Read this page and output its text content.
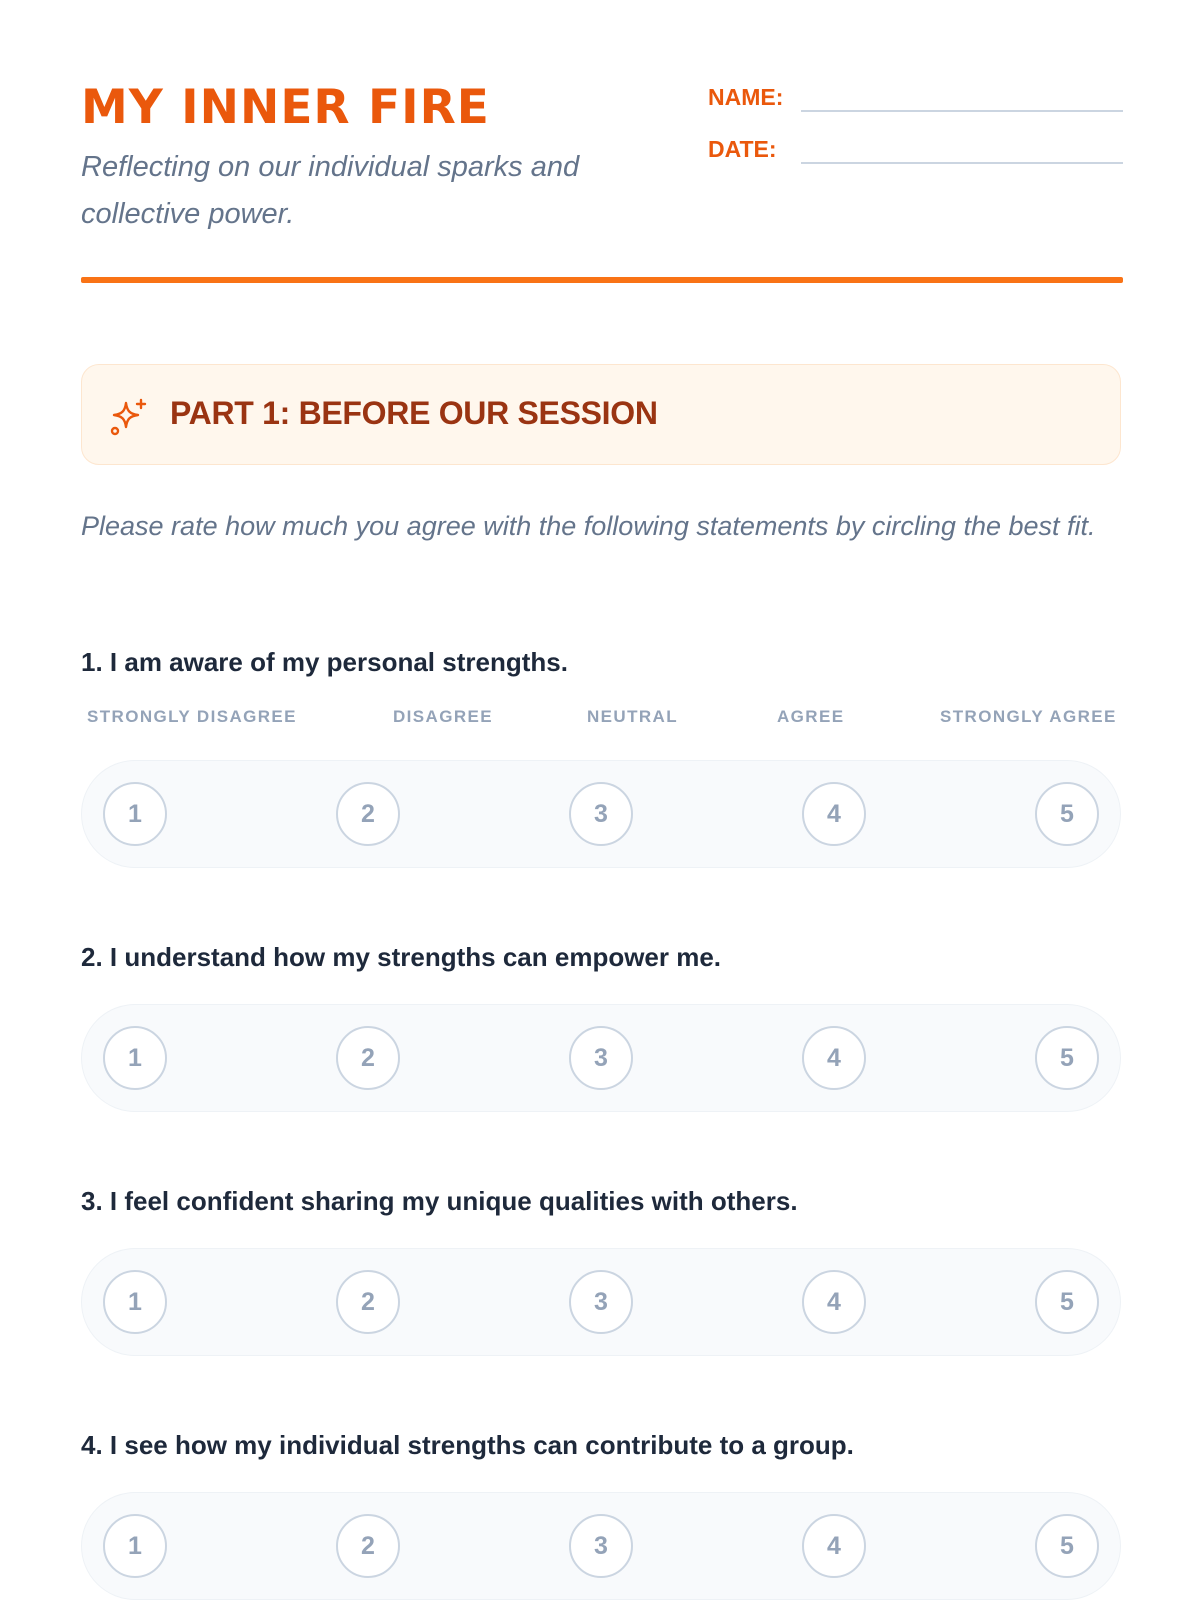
MY INNER FIRE
Reflecting on our individual sparks and collective power.
NAME:
DATE:
PART 1: BEFORE OUR SESSION
Please rate how much you agree with the following statements by circling the best fit.
1. I am aware of my personal strengths.
STRONGLY DISAGREE	DISAGREE	NEUTRAL	AGREE	STRONGLY AGREE
1	2	3	4	5
2. I understand how my strengths can empower me.
1	2	3	4	5
3. I feel confident sharing my unique qualities with others.
1	2	3	4	5
4. I see how my individual strengths can contribute to a group.
1	2	3	4	5
